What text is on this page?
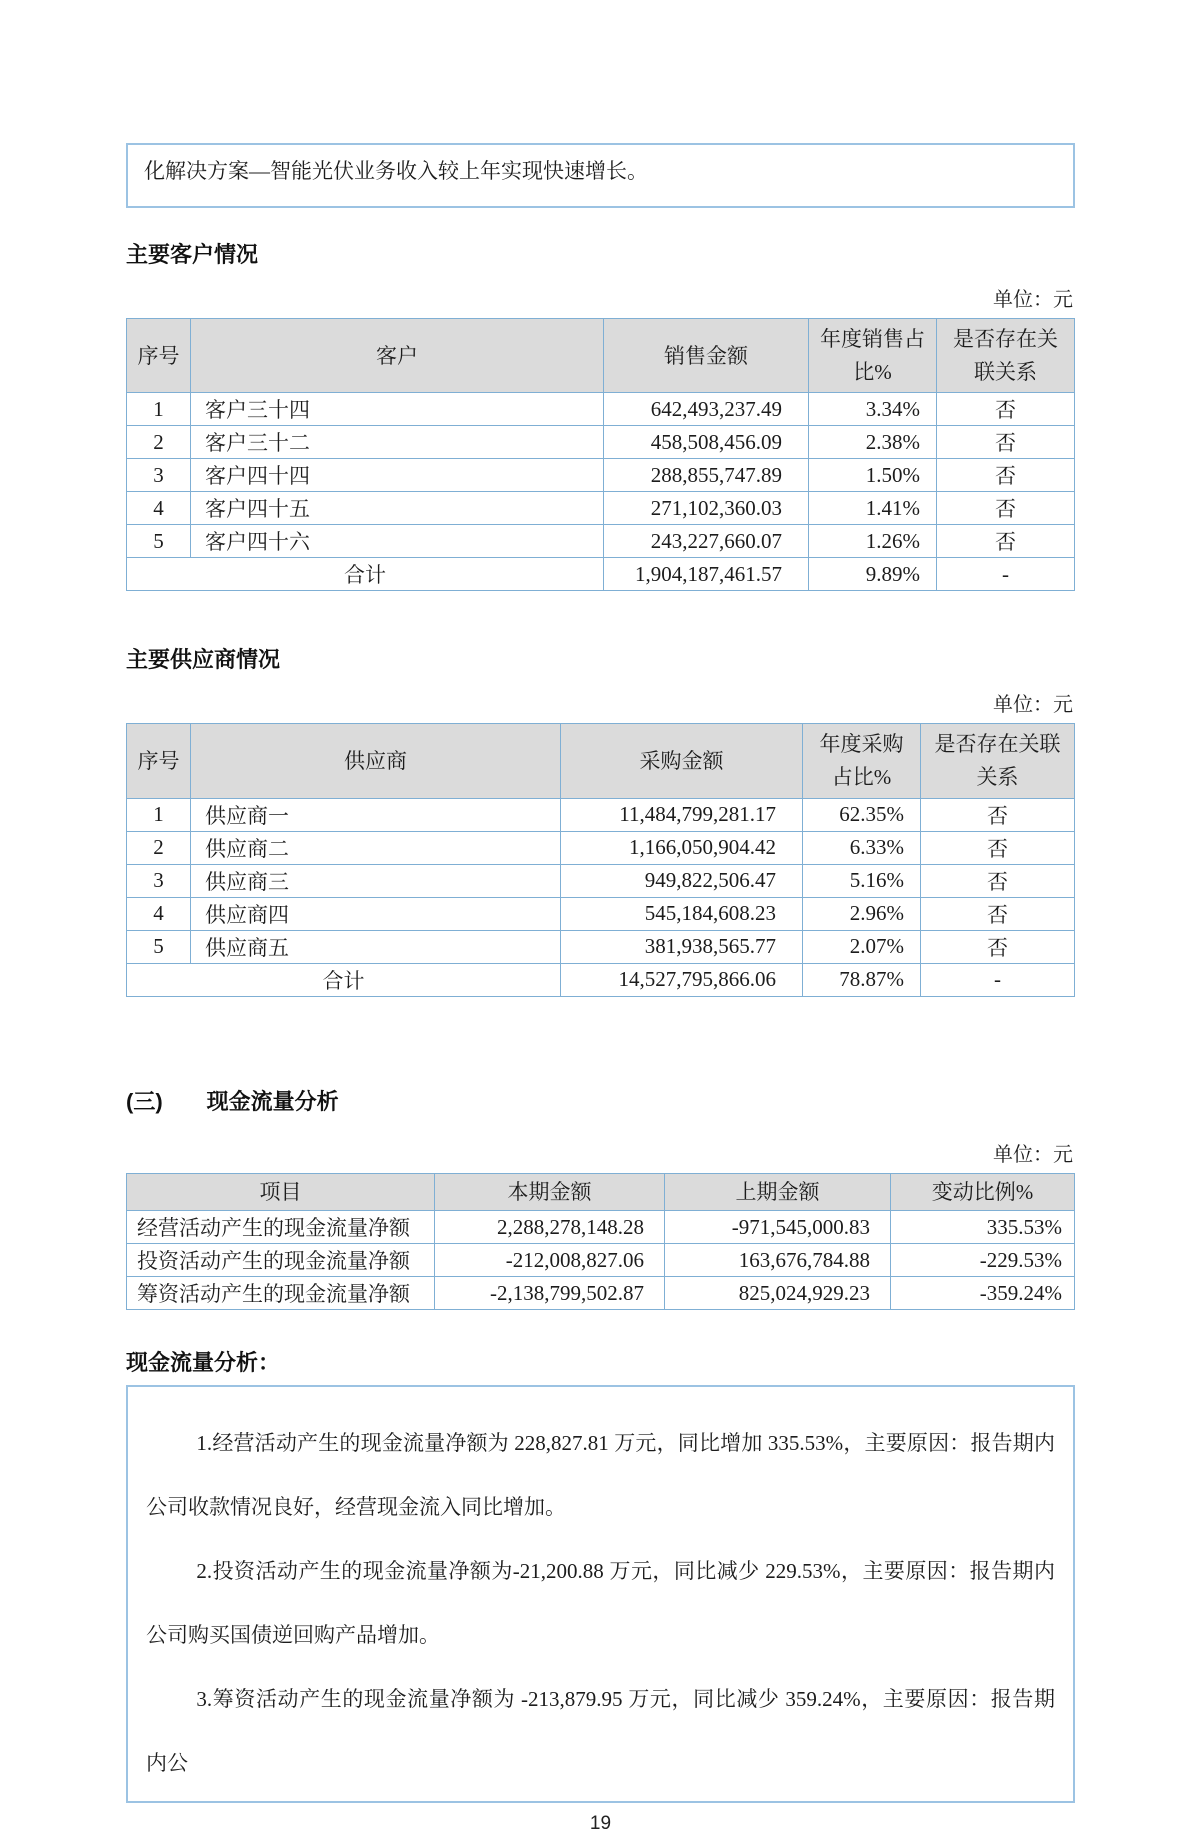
化解决方案—智能光伏业务收入较上年实现快速增长。
主要客户情况
单位：元
序号	客户	销售金额	年度销售占比%	是否存在关联关系
1	客户三十四	642,493,237.49	3.34%	否
2	客户三十二	458,508,456.09	2.38%	否
3	客户四十四	288,855,747.89	1.50%	否
4	客户四十五	271,102,360.03	1.41%	否
5	客户四十六	243,227,660.07	1.26%	否
合计		1,904,187,461.57	9.89%	-
主要供应商情况
单位：元
序号	供应商	采购金额	年度采购占比%	是否存在关联关系
1	供应商一	11,484,799,281.17	62.35%	否
2	供应商二	1,166,050,904.42	6.33%	否
3	供应商三	949,822,506.47	5.16%	否
4	供应商四	545,184,608.23	2.96%	否
5	供应商五	381,938,565.77	2.07%	否
合计		14,527,795,866.06	78.87%	-
(三) 现金流量分析
单位：元
项目	本期金额	上期金额	变动比例%
经营活动产生的现金流量净额	2,288,278,148.28	-971,545,000.83	335.53%
投资活动产生的现金流量净额	-212,008,827.06	163,676,784.88	-229.53%
筹资活动产生的现金流量净额	-2,138,799,502.87	825,024,929.23	-359.24%
现金流量分析：

1.经营活动产生的现金流量净额为 228,827.81 万元，同比增加 335.53%，主要原因：报告期内公司收款情况良好，经营现金流入同比增加。

2.投资活动产生的现金流量净额为-21,200.88 万元，同比减少 229.53%，主要原因：报告期内公司购买国债逆回购产品增加。

3.筹资活动产生的现金流量净额为 -213,879.95 万元，同比减少 359.24%，主要原因：报告期内公

19
